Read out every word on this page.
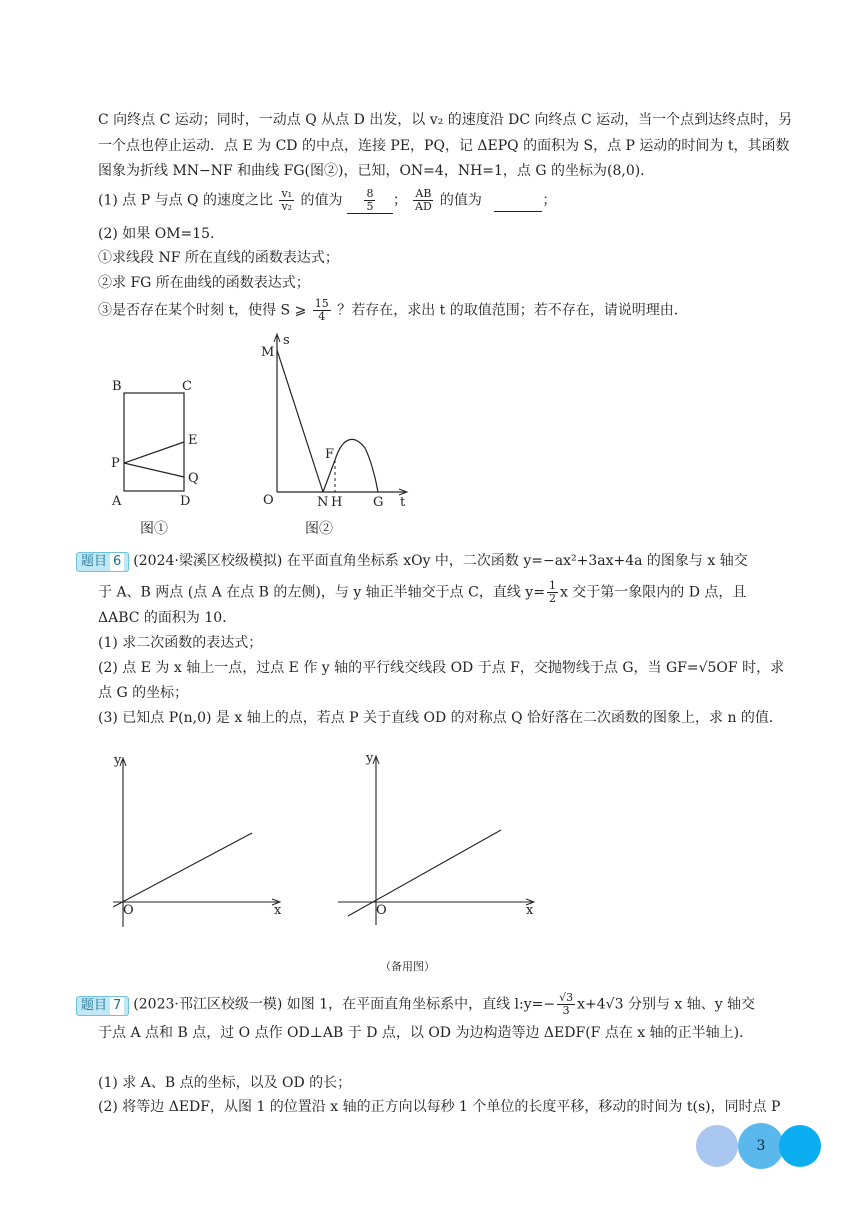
C 向终点 C 运动；同时，一动点 Q 从点 D 出发，以 v₂ 的速度沿 DC 向终点 C 运动，当一个点到达终点时，另
一个点也停止运动．点 E 为 CD 的中点，连接 PE，PQ，记 ΔEPQ 的面积为 S，点 P 运动的时间为 t，其函数
图象为折线 MN−NF 和曲线 FG(图②)，已知，ON=4，NH=1，点 G 的坐标为(8,0)．
(1) 点 P 与点 Q 的速度之比 $\frac{\text{v₁}}{\text{v₂}}$ 的值为 $\frac{8}{5}$ ； $\frac{AB}{AD}$ 的值为	；
(2) 如果 OM=15．
①求线段 NF 所在直线的函数表达式；
②求 FG 所在曲线的函数表达式；
③是否存在某个时刻 t，使得 S ⩾ $\frac{15}{4}$ ？若存在，求出 t 的取值范围；若不存在，请说明理由．
B	C
E
P
Q
A	D
图①
M
s
F
O	N H G t
图②
题目 6 (2024·梁溪区校级模拟) 在平面直角坐标系 xOy 中，二次函数 y=−ax²+3ax+4a 的图象与 x 轴交
于 A、B 两点 (点 A 在点 B 的左侧)，与 y 轴正半轴交于点 C，直线 $y= \frac{1}{2}$ x 交于第一象限内的 D 点，且
ΔABC 的面积为 10．
(1) 求二次函数的表达式；
(2) 点 E 为 x 轴上一点，过点 E 作 y 轴的平行线交线段 OD 于点 F，交抛物线于点 G，当 GF=√5OF 时，求
点 G 的坐标；
(3) 已知点 P(n,0) 是 x 轴上的点，若点 P 关于直线 OD 的对称点 Q 恰好落在二次函数的图象上，求 n 的值．
y
O	x
y
O	x
（备用图）
题目 7 (2023·邗江区校级一模) 如图 1，在平面直角坐标系中，直线 l:y=− $\frac{√3}{3} x+4√3$ 分别与 x 轴、y 轴交
于点 A 点和 B 点，过 O 点作 OD⊥AB 于 D 点，以 OD 为边构造等边 ΔEDF(F 点在 x 轴的正半轴上)．
(1) 求 A、B 点的坐标，以及 OD 的长；
(2) 将等边 ΔEDF，从图 1 的位置沿 x 轴的正方向以每秒 1 个单位的长度平移，移动的时间为 t(s)，同时点 P
3
